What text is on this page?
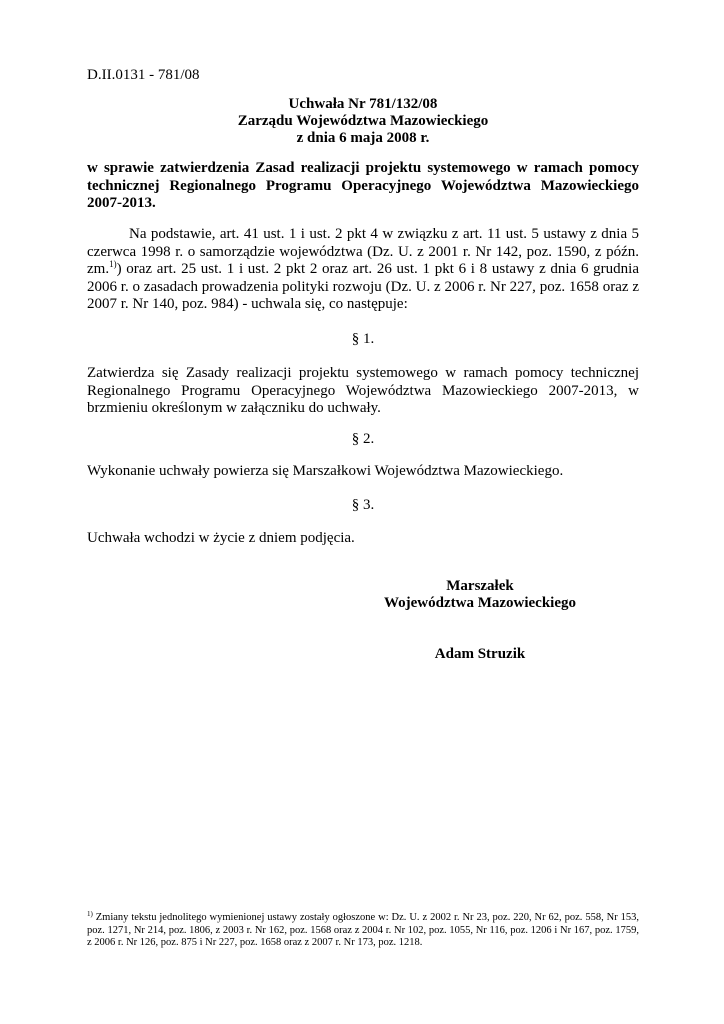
D.II.0131 - 781/08
Uchwała Nr 781/132/08
Zarządu Województwa Mazowieckiego
z dnia 6 maja 2008 r.
w sprawie zatwierdzenia Zasad realizacji projektu systemowego w ramach pomocy technicznej Regionalnego Programu Operacyjnego Województwa Mazowieckiego 2007-2013.
Na podstawie, art. 41 ust. 1 i ust. 2 pkt 4 w związku z art. 11 ust. 5 ustawy z dnia 5 czerwca 1998 r. o samorządzie województwa (Dz. U. z 2001 r. Nr 142, poz. 1590, z późn. zm.$^{1)}$) oraz art. 25 ust. 1 i ust. 2 pkt 2 oraz art. 26 ust. 1 pkt 6 i 8 ustawy z dnia 6 grudnia 2006 r. o zasadach prowadzenia polityki rozwoju (Dz. U. z 2006 r. Nr 227, poz. 1658 oraz z 2007 r. Nr 140, poz. 984) - uchwala się, co następuje:
§ 1.
Zatwierdza się Zasady realizacji projektu systemowego w ramach pomocy technicznej Regionalnego Programu Operacyjnego Województwa Mazowieckiego 2007-2013, w brzmieniu określonym w załączniku do uchwały.
§ 2.
Wykonanie uchwały powierza się Marszałkowi Województwa Mazowieckiego.
§ 3.
Uchwała wchodzi w życie z dniem podjęcia.
Marszałek
Województwa Mazowieckiego
Adam Struzik
$^{1)}$ Zmiany tekstu jednolitego wymienionej ustawy zostały ogłoszone w: Dz. U. z 2002 r. Nr 23, poz. 220, Nr 62, poz. 558, Nr 153, poz. 1271, Nr 214, poz. 1806, z 2003 r. Nr 162, poz. 1568 oraz z 2004 r. Nr 102, poz. 1055, Nr 116, poz. 1206 i Nr 167, poz. 1759, z 2006 r. Nr 126, poz. 875 i Nr 227, poz. 1658 oraz z 2007 r. Nr 173, poz. 1218.
